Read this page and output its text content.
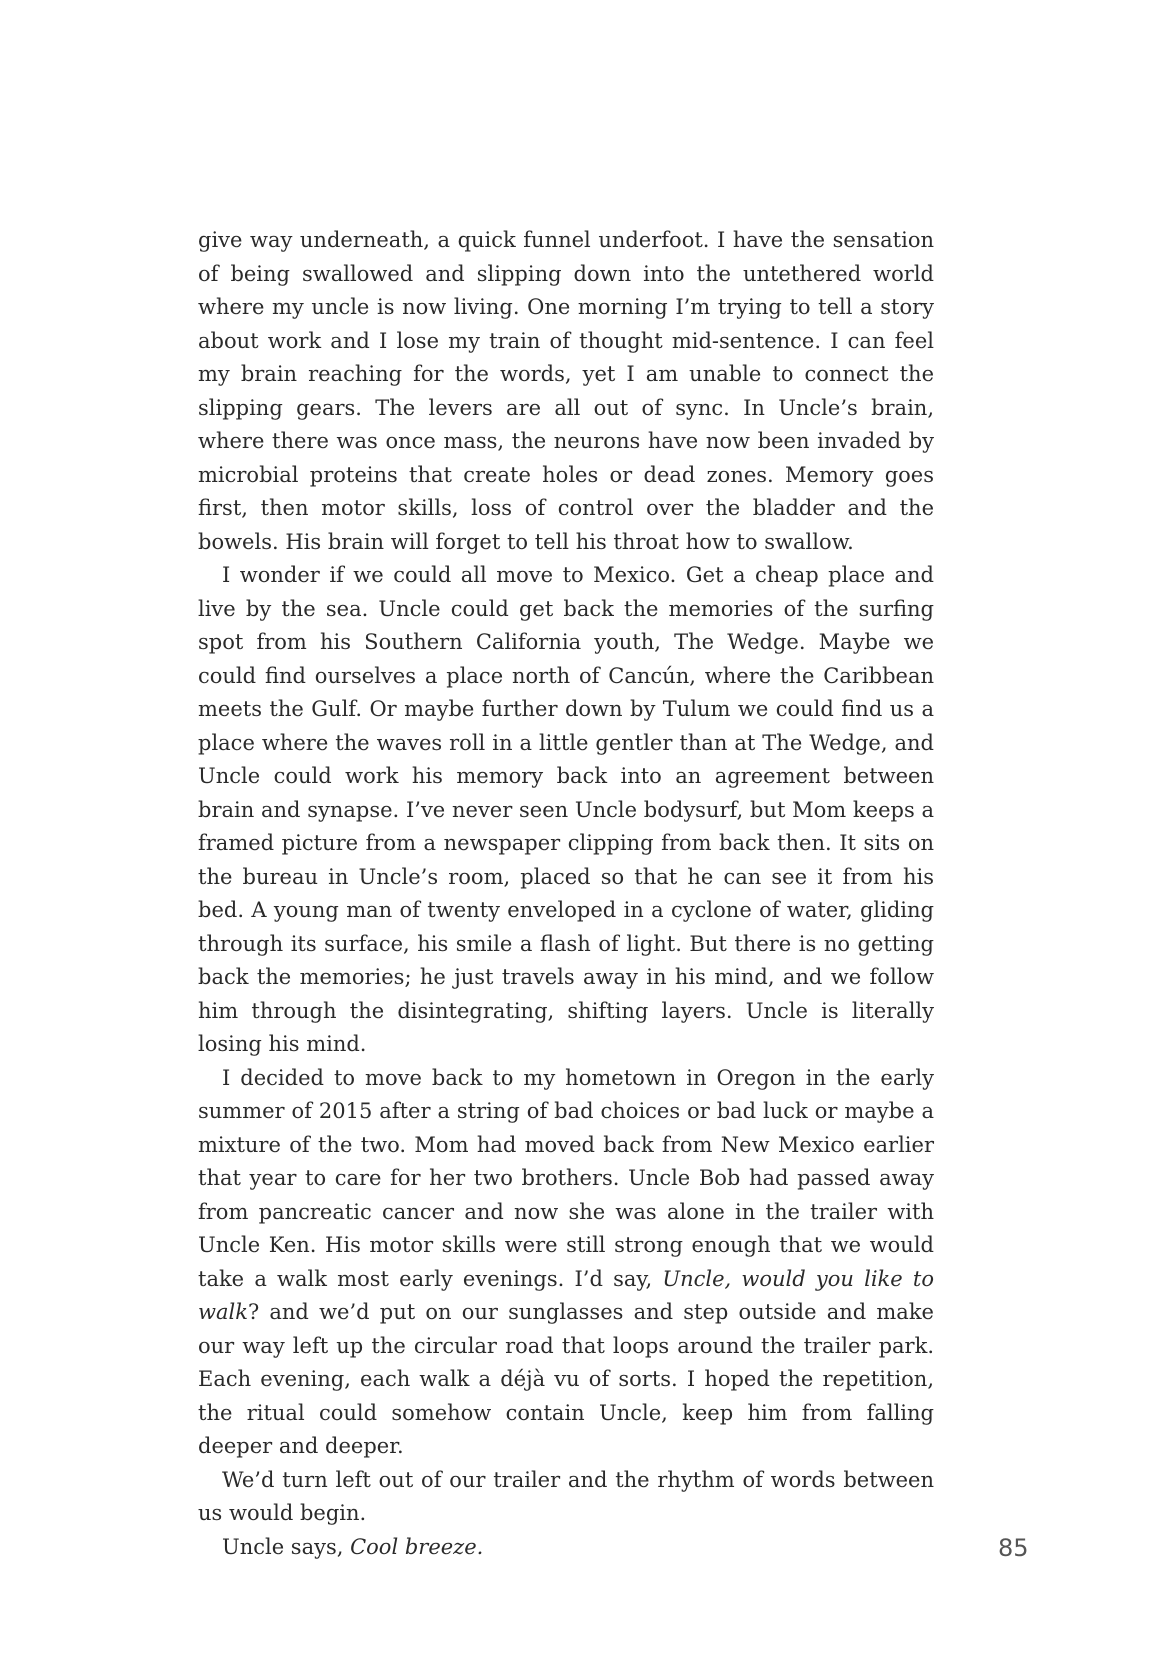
give way underneath, a quick funnel underfoot. I have the sensation of being swallowed and slipping down into the untethered world where my uncle is now living. One morning I’m trying to tell a story about work and I lose my train of thought mid-sentence. I can feel my brain reaching for the words, yet I am unable to connect the slipping gears. The levers are all out of sync. In Uncle’s brain, where there was once mass, the neurons have now been invaded by microbial proteins that create holes or dead zones. Memory goes first, then motor skills, loss of control over the bladder and the bowels. His brain will forget to tell his throat how to swallow.

I wonder if we could all move to Mexico. Get a cheap place and live by the sea. Uncle could get back the memories of the surfing spot from his Southern California youth, The Wedge. Maybe we could find ourselves a place north of Cancún, where the Caribbean meets the Gulf. Or maybe further down by Tulum we could find us a place where the waves roll in a little gentler than at The Wedge, and Uncle could work his memory back into an agreement between brain and synapse. I’ve never seen Uncle bodysurf, but Mom keeps a framed picture from a newspaper clipping from back then. It sits on the bureau in Uncle’s room, placed so that he can see it from his bed. A young man of twenty enveloped in a cyclone of water, gliding through its surface, his smile a flash of light. But there is no getting back the memories; he just travels away in his mind, and we follow him through the disintegrating, shifting layers. Uncle is literally losing his mind.

I decided to move back to my hometown in Oregon in the early summer of 2015 after a string of bad choices or bad luck or maybe a mixture of the two. Mom had moved back from New Mexico earlier that year to care for her two brothers. Uncle Bob had passed away from pancreatic cancer and now she was alone in the trailer with Uncle Ken. His motor skills were still strong enough that we would take a walk most early evenings. I’d say, Uncle, would you like to walk? and we’d put on our sunglasses and step outside and make our way left up the circular road that loops around the trailer park. Each evening, each walk a déjà vu of sorts. I hoped the repetition, the ritual could somehow contain Uncle, keep him from falling deeper and deeper.

We’d turn left out of our trailer and the rhythm of words between us would begin.

Uncle says, Cool breeze.	85
